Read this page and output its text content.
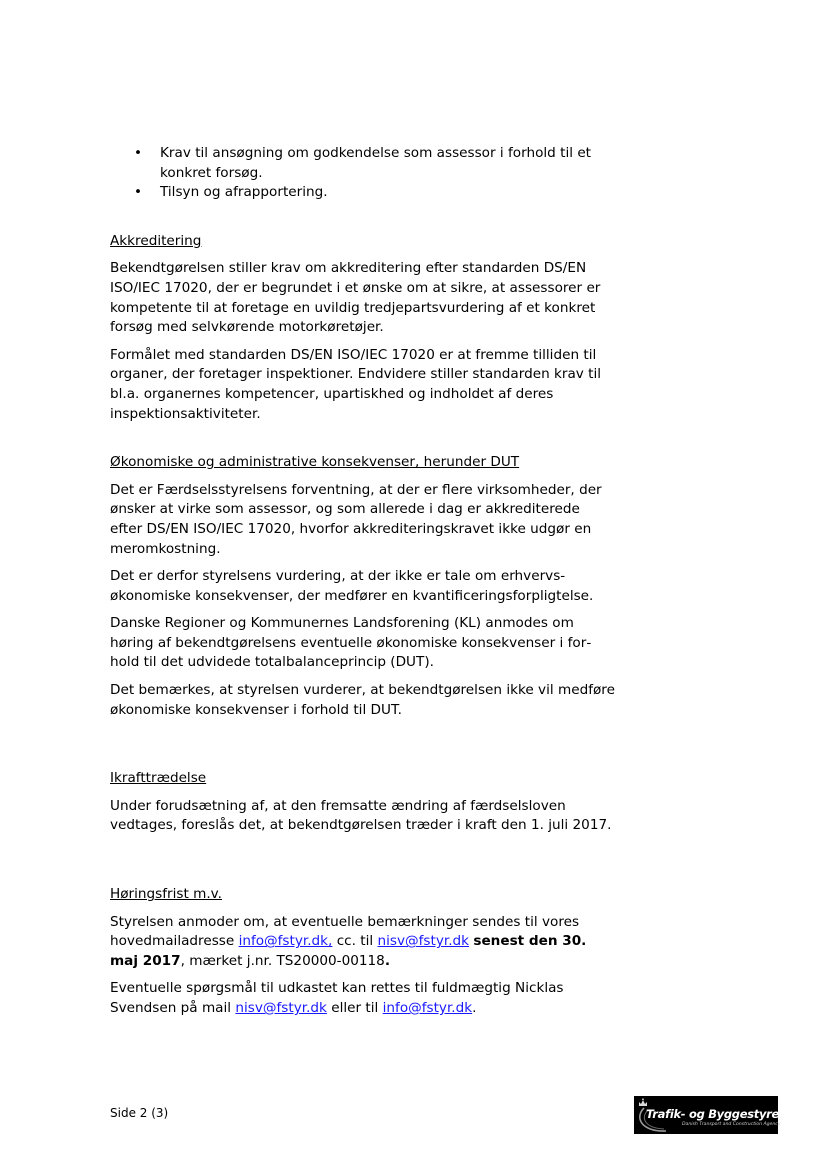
• Krav til ansøgning om godkendelse som assessor i forhold til et konkret forsøg.
• Tilsyn og afrapportering.

Akkreditering

Bekendtgørelsen stiller krav om akkreditering efter standarden DS/EN ISO/IEC 17020, der er begrundet i et ønske om at sikre, at assessorer er kompetente til at foretage en uvildig tredjepartsvurdering af et konkret forsøg med selvkørende motorkøretøjer.

Formålet med standarden DS/EN ISO/IEC 17020 er at fremme tilliden til organer, der foretager inspektioner. Endvidere stiller standarden krav til bl.a. organernes kompetencer, upartiskhed og indholdet af deres inspektionsaktiviteter.

Økonomiske og administrative konsekvenser, herunder DUT

Det er Færdselsstyrelsens forventning, at der er flere virksomheder, der ønsker at virke som assessor, og som allerede i dag er akkrediterede efter DS/EN ISO/IEC 17020, hvorfor akkrediteringskravet ikke udgør en meromkostning.

Det er derfor styrelsens vurdering, at der ikke er tale om erhvervsøkonomiske konsekvenser, der medfører en kvantificeringsforpligtelse.

Danske Regioner og Kommunernes Landsforening (KL) anmodes om høring af bekendtgørelsens eventuelle økonomiske konsekvenser i forhold til det udvidede totalbalanceprincip (DUT).

Det bemærkes, at styrelsen vurderer, at bekendtgørelsen ikke vil medføre økonomiske konsekvenser i forhold til DUT.

Ikrafttrædelse

Under forudsætning af, at den fremsatte ændring af færdselsloven vedtages, foreslås det, at bekendtgørelsen træder i kraft den 1. juli 2017.

Høringsfrist m.v.

Styrelsen anmoder om, at eventuelle bemærkninger sendes til vores hovedmailadresse info@fstyr.dk, cc. til nisv@fstyr.dk senest den 30. maj 2017, mærket j.nr. TS20000-00118.

Eventuelle spørgsmål til udkastet kan rettes til fuldmægtig Nicklas Svendsen på mail nisv@fstyr.dk eller til info@fstyr.dk.

Side 2 (3)	Trafik- og Byggestyrelsen
Danish Transport and Construction Agency
